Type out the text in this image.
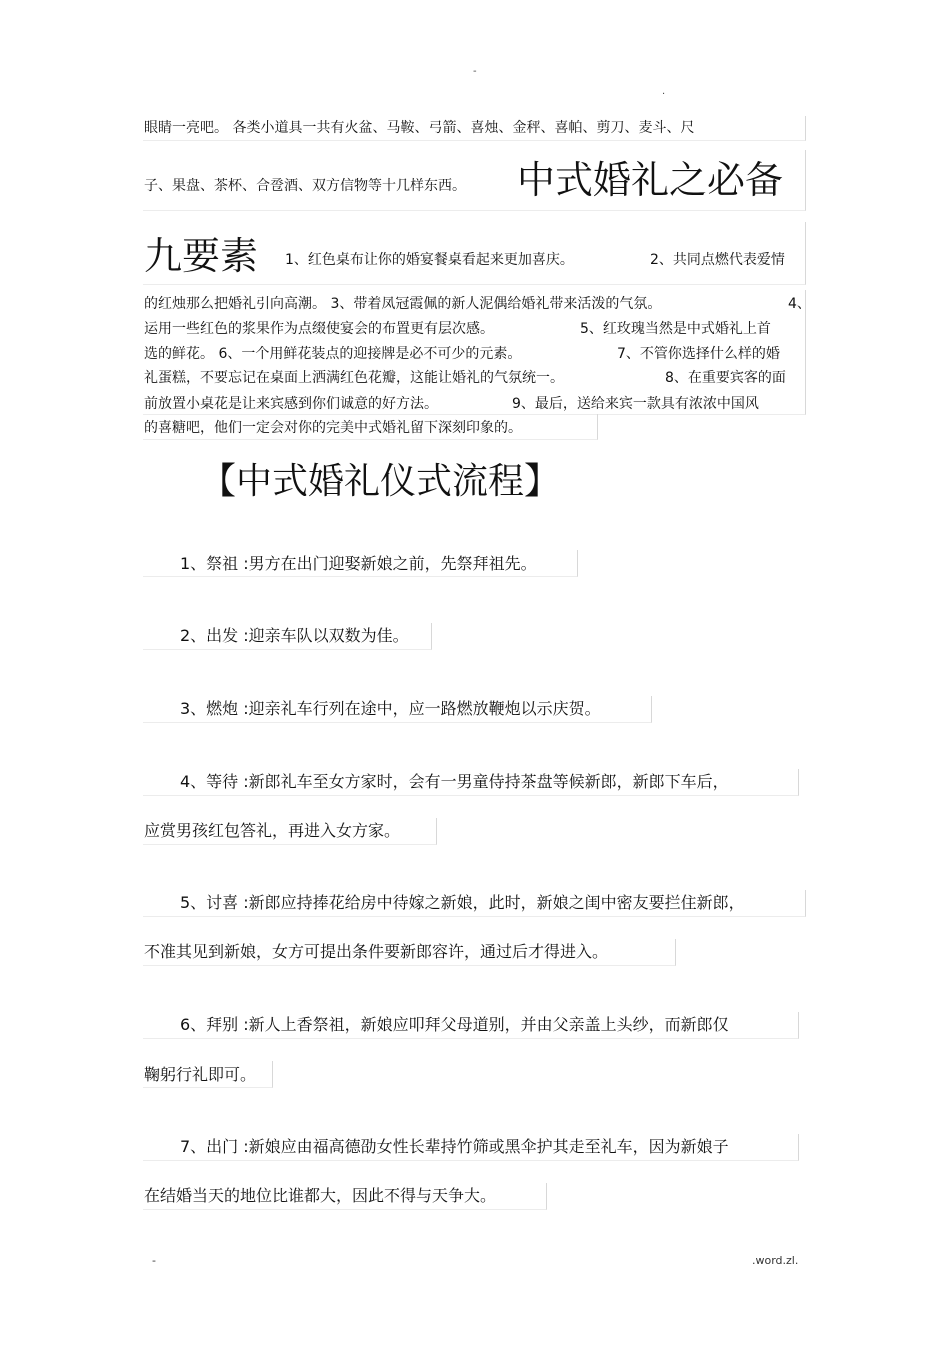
-
.
眼睛一亮吧。 各类小道具一共有火盆、马鞍、弓箭、喜烛、金秤、喜帕、剪刀、麦斗、尺
子、果盘、茶杯、合卺酒、双方信物等十几样东西。 中式婚礼之必备
九要素 1、红色桌布让你的婚宴餐桌看起来更加喜庆。	2、共同点燃代表爱情
的红烛那么把婚礼引向高潮。 3、带着凤冠霞佩的新人泥偶给婚礼带来活泼的气氛。	4、
运用一些红色的浆果作为点缀使宴会的布置更有层次感。	5、红玫瑰当然是中式婚礼上首
选的鲜花。 6、一个用鲜花装点的迎接牌是必不可少的元素。	7、不管你选择什么样的婚
礼蛋糕，不要忘记在桌面上洒满红色花瓣，这能让婚礼的气氛统一。	8、在重要宾客的面
前放置小桌花是让来宾感到你们诚意的好方法。	9、最后，送给来宾一款具有浓浓中国风
的喜糖吧，他们一定会对你的完美中式婚礼留下深刻印象的。
【中式婚礼仪式流程】
1、祭祖 :男方在出门迎娶新娘之前，先祭拜祖先。
2、出发 :迎亲车队以双数为佳。
3、燃炮 :迎亲礼车行列在途中，应一路燃放鞭炮以示庆贺。
4、等待 :新郎礼车至女方家时，会有一男童侍持茶盘等候新郎，新郎下车后，
应赏男孩红包答礼，再进入女方家。
5、讨喜 :新郎应持捧花给房中待嫁之新娘，此时，新娘之闺中密友要拦住新郎，
不准其见到新娘，女方可提出条件要新郎容许，通过后才得进入。
6、拜别 :新人上香祭祖，新娘应叩拜父母道别，并由父亲盖上头纱，而新郎仅
鞠躬行礼即可。
7、出门 :新娘应由福高德劭女性长辈持竹筛或黑伞护其走至礼车，因为新娘子
在结婚当天的地位比谁都大，因此不得与天争大。
-	.word.zl.
